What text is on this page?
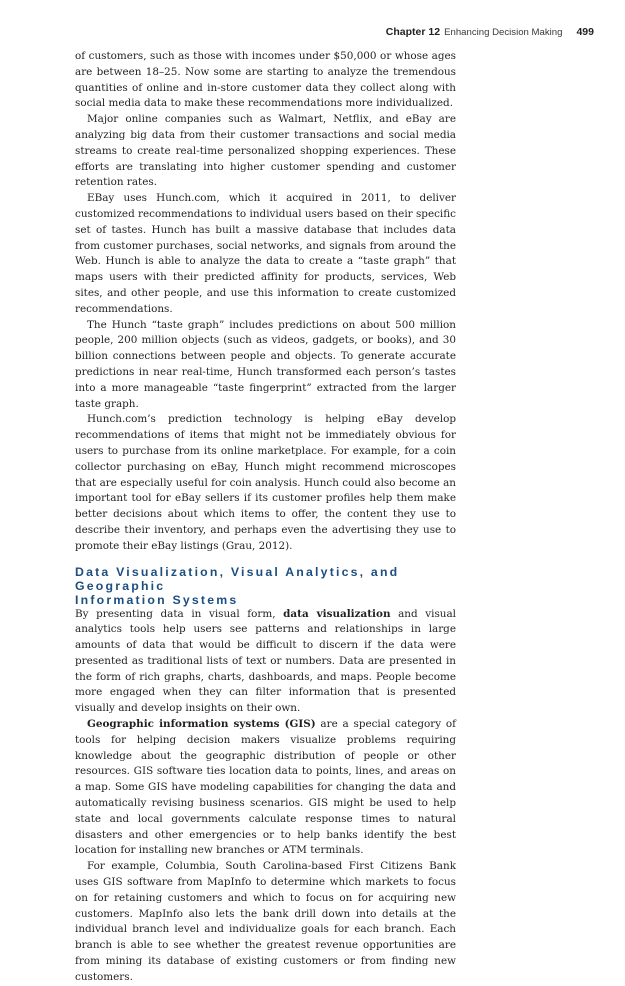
Chapter 12 Enhancing Decision Making 499

of customers, such as those with incomes under $50,000 or whose ages are between 18–25. Now some are starting to analyze the tremendous quantities of online and in-store customer data they collect along with social media data to make these recommendations more individualized.

Major online companies such as Walmart, Netflix, and eBay are analyzing big data from their customer transactions and social media streams to create real-time personalized shopping experiences. These efforts are translating into higher customer spending and customer retention rates.

EBay uses Hunch.com, which it acquired in 2011, to deliver customized recommendations to individual users based on their specific set of tastes. Hunch has built a massive database that includes data from customer purchases, social networks, and signals from around the Web. Hunch is able to analyze the data to create a “taste graph” that maps users with their predicted affinity for products, services, Web sites, and other people, and use this information to create customized recommendations.

The Hunch “taste graph” includes predictions on about 500 million people, 200 million objects (such as videos, gadgets, or books), and 30 billion connections between people and objects. To generate accurate predictions in near real-time, Hunch transformed each person’s tastes into a more manageable “taste fingerprint” extracted from the larger taste graph.

Hunch.com’s prediction technology is helping eBay develop recommendations of items that might not be immediately obvious for users to purchase from its online marketplace. For example, for a coin collector purchasing on eBay, Hunch might recommend microscopes that are especially useful for coin analysis. Hunch could also become an important tool for eBay sellers if its customer profiles help them make better decisions about which items to offer, the content they use to describe their inventory, and perhaps even the advertising they use to promote their eBay listings (Grau, 2012).

Data Visualization, Visual Analytics, and Geographic
Information Systems

By presenting data in visual form, data visualization and visual analytics tools help users see patterns and relationships in large amounts of data that would be difficult to discern if the data were presented as traditional lists of text or numbers. Data are presented in the form of rich graphs, charts, dashboards, and maps. People become more engaged when they can filter information that is presented visually and develop insights on their own.

Geographic information systems (GIS) are a special category of tools for helping decision makers visualize problems requiring knowledge about the geographic distribution of people or other resources. GIS software ties location data to points, lines, and areas on a map. Some GIS have modeling capabilities for changing the data and automatically revising business scenarios. GIS might be used to help state and local governments calculate response times to natural disasters and other emergencies or to help banks identify the best location for installing new branches or ATM terminals.

For example, Columbia, South Carolina-based First Citizens Bank uses GIS software from MapInfo to determine which markets to focus on for retaining customers and which to focus on for acquiring new customers. MapInfo also lets the bank drill down into details at the individual branch level and individualize goals for each branch. Each branch is able to see whether the greatest revenue opportunities are from mining its database of existing customers or from finding new customers.
